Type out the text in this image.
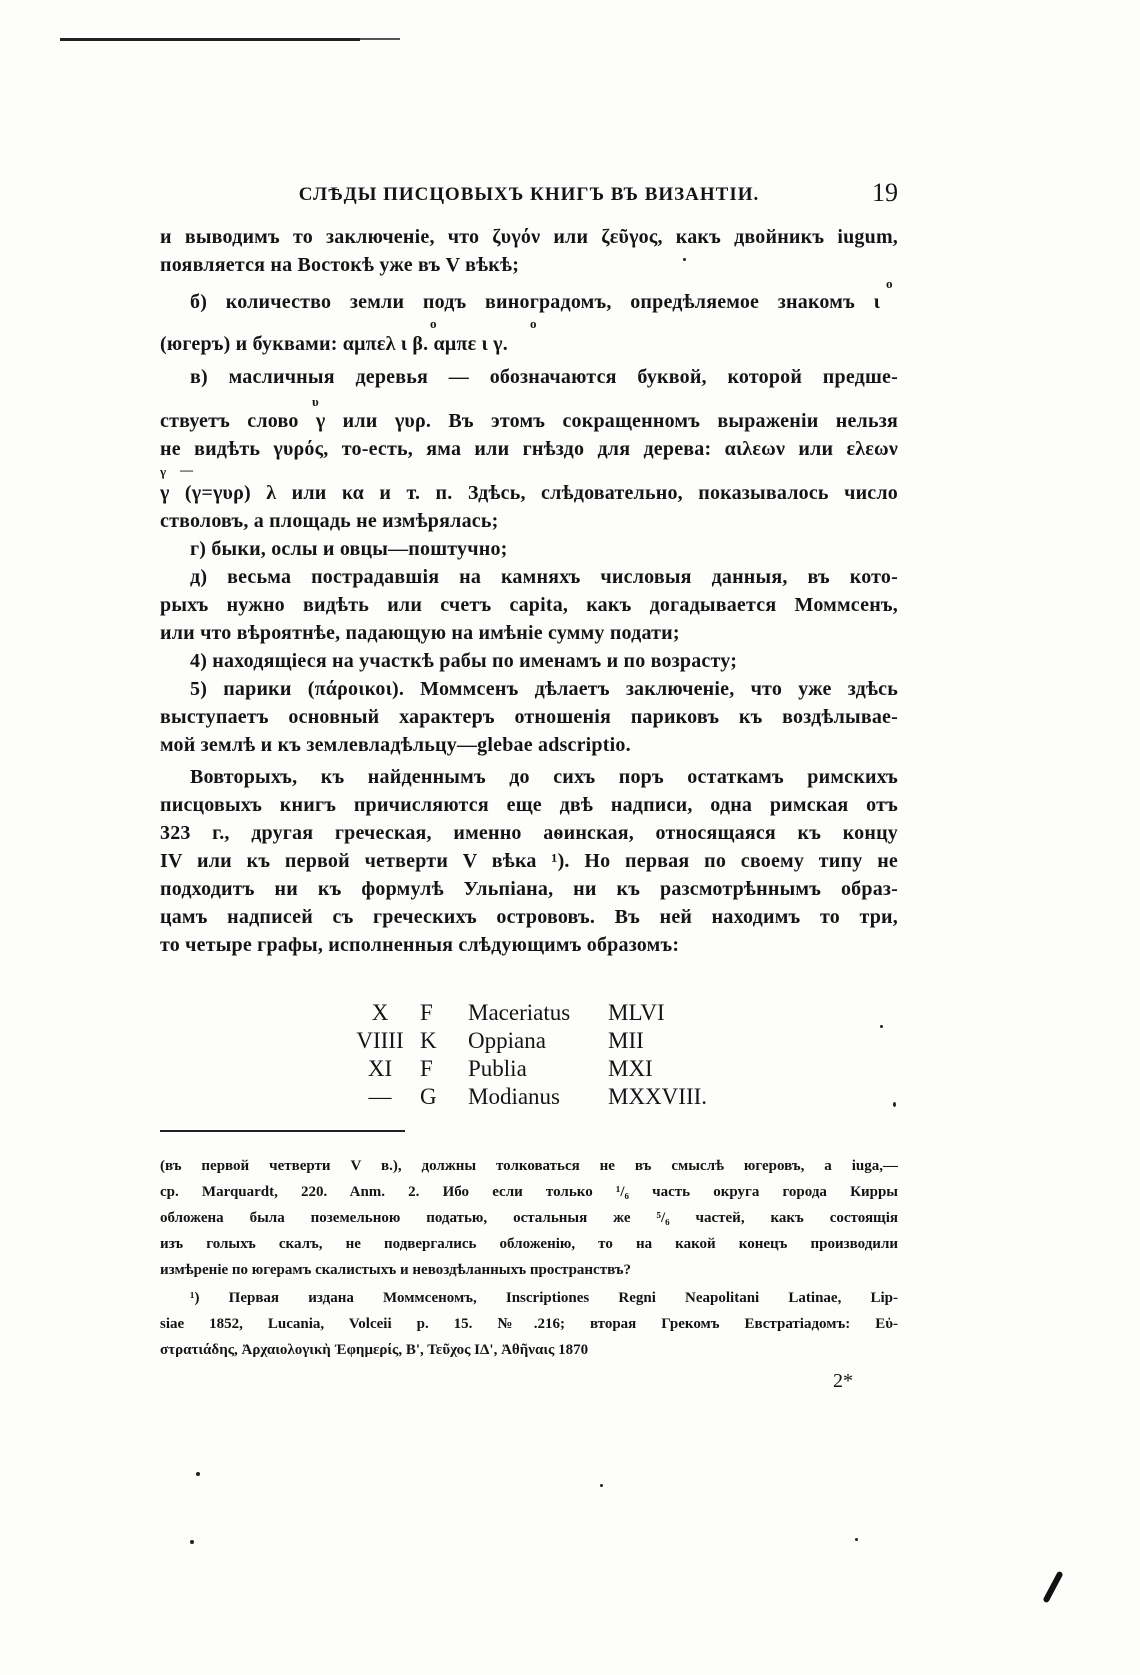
СЛѢДЫ ПИСЦОВЫХЪ КНИГЪ ВЪ ВИЗАНТІИ.	19
o
o	o
υ
γ —
и выводимъ то заключеніе, что ζυγόν или ζεῦγος, какъ двойникъ iugum,
появляется на Востокѣ уже въ V вѣкѣ;
б) количество земли подъ виноградомъ, опредѣляемое знакомъ ι
(югеръ) и буквами: αμπελ ι β. αμπε ι γ.
в) масличныя деревья — обозначаются буквой, которой предше-
ствуетъ слово γ или γυρ. Въ этомъ сокращенномъ выраженіи нельзя
не видѣть γυρός, то-есть, яма или гнѣздо для дерева: αιλεων или ελεων
γ (γ=γυρ) λ или κα и т. п. Здѣсь, слѣдовательно, показывалось число
стволовъ, а площадь не измѣрялась;
г) быки, ослы и овцы—поштучно;
д) весьма пострадавшія на камняхъ числовыя данныя, въ кото-
рыхъ нужно видѣть или счетъ capita, какъ догадывается Моммсенъ,
или что вѣроятнѣе, падающую на имѣніе сумму подати;
4) находящіеся на участкѣ рабы по именамъ и по возрасту;
5) парики (πάροικοι). Моммсенъ дѣлаетъ заключеніе, что уже здѣсь
выступаетъ основный характеръ отношенія париковъ къ воздѣлываe-
мой землѣ и къ землевладѣльцу—glebae adscriptio.
Вовторыхъ, къ найденнымъ до сихъ поръ остаткамъ римскихъ
писцовыхъ книгъ причисляются еще двѣ надписи, одна римская отъ
323 г., другая греческая, именно аѳинская, относящаяся къ концу
IV или къ первой четверти V вѣка ¹). Но первая по своему типу не
подходитъ ни къ формулѣ Ульпіана, ни къ разсмотрѣннымъ образ-
цамъ надписей съ греческихъ острововъ. Въ ней находимъ то три,
то четыре графы, исполненныя слѣдующимъ образомъ:
X	F Maceriatus MLVI
VIIII K Oppiana	MII
XI	F Publia	MXI
—	G Modianus MXXVIII.
(въ первой четверти V в.), должны толковаться не въ смыслѣ югеровъ, а iuga,—
ср. Marquardt, 220. Anm. 2. Ибо если только ¹/₆ часть округа города Кирры
обложена была поземельною податью, остальныя же ⁵/₆ частей, какъ состоящія
изъ голыхъ скалъ, не подвергались обложенію, то на какой конецъ производили
измѣреніе по югерамъ скалистыхъ и невоздѣланныхъ пространствъ?
¹) Первая издана Моммсеномъ, Inscriptiones Regni Neapolitani Latinae, Lip-
siae 1852, Lucania, Volceii p. 15. №.216; вторая Грекомъ Евстратіадомъ: Εὐ-
στρατιάδης, Ἀρχαιολογικὴ Ἐφημερίς, Β', Τεῦχος ΙΔ', Ἀθῆναις 1870
2*
